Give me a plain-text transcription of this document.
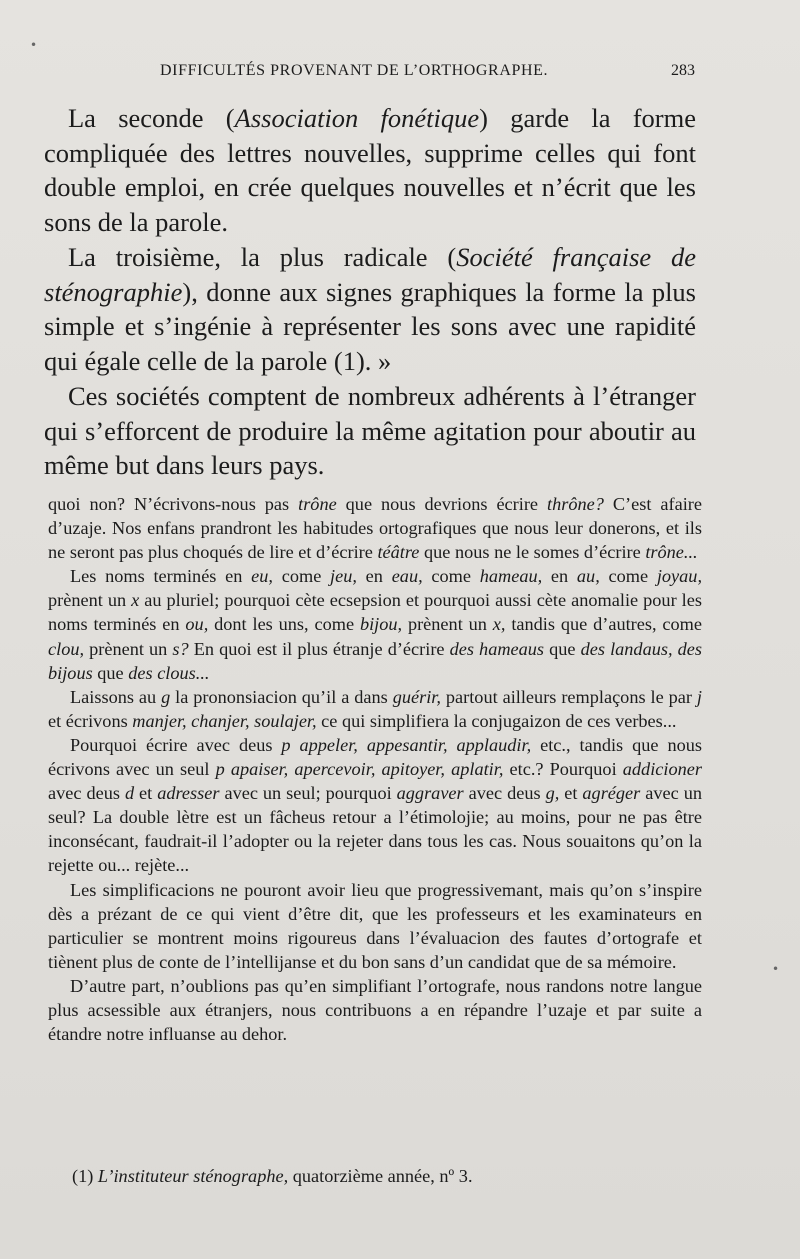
DIFFICULTÉS PROVENANT DE L’ORTHOGRAPHE.	283

La seconde (Association fonétique) garde la forme compliquée des lettres nouvelles, supprime celles qui font double emploi, en crée quelques nouvelles et n’écrit que les sons de la parole.

La troisième, la plus radicale (Société française de sténographie), donne aux signes graphiques la forme la plus simple et s’ingénie à représenter les sons avec une rapidité qui égale celle de la parole (1). »

Ces sociétés comptent de nombreux adhérents à l’étranger qui s’efforcent de produire la même agitation pour aboutir au même but dans leurs pays.

quoi non? N’écrivons-nous pas trône que nous devrions écrire thrône? C’est afaire d’uzaje. Nos enfans prandront les habitudes ortografiques que nous leur donerons, et ils ne seront pas plus choqués de lire et d’écrire téâtre que nous ne le somes d’écrire trône...

Les noms terminés en eu, come jeu, en eau, come hameau, en au, come joyau, prènent un x au pluriel; pourquoi cète ecsepsion et pourquoi aussi cète anomalie pour les noms terminés en ou, dont les uns, come bijou, prènent un x, tandis que d’autres, come clou, prènent un s? En quoi est il plus étranje d’écrire des hameaus que des landaus, des bijous que des clous...

Laissons au g la prononsiacion qu’il a dans guérir, partout ailleurs remplaçons le par j et écrivons manjer, chanjer, soulajer, ce qui simplifiera la conjugaizon de ces verbes...

Pourquoi écrire avec deus p appeler, appesantir, applaudir, etc., tandis que nous écrivons avec un seul p apaiser, apercevoir, apitoyer, aplatir, etc.? Pourquoi addicioner avec deus d et adresser avec un seul; pourquoi aggraver avec deus g, et agréger avec un seul? La double lètre est un fâcheus retour a l’étimolojie; au moins, pour ne pas être inconsécant, faudrait-il l’adopter ou la rejeter dans tous les cas. Nous souaitons qu’on la rejette ou... rejète...

Les simplificacions ne pouront avoir lieu que progressivemant, mais qu’on s’inspire dès a prézant de ce qui vient d’être dit, que les professeurs et les examinateurs en particulier se montrent moins rigoureus dans l’évaluacion des fautes d’ortografe et tiènent plus de conte de l’intellijanse et du bon sans d’un candidat que de sa mémoire.

D’autre part, n’oublions pas qu’en simplifiant l’ortografe, nous randons notre langue plus acsessible aux étranjers, nous contribuons a en répandre l’uzaje et par suite a étandre notre influanse au dehor.

(1) L’instituteur sténographe, quatorzième année, nº 3.
•
•
